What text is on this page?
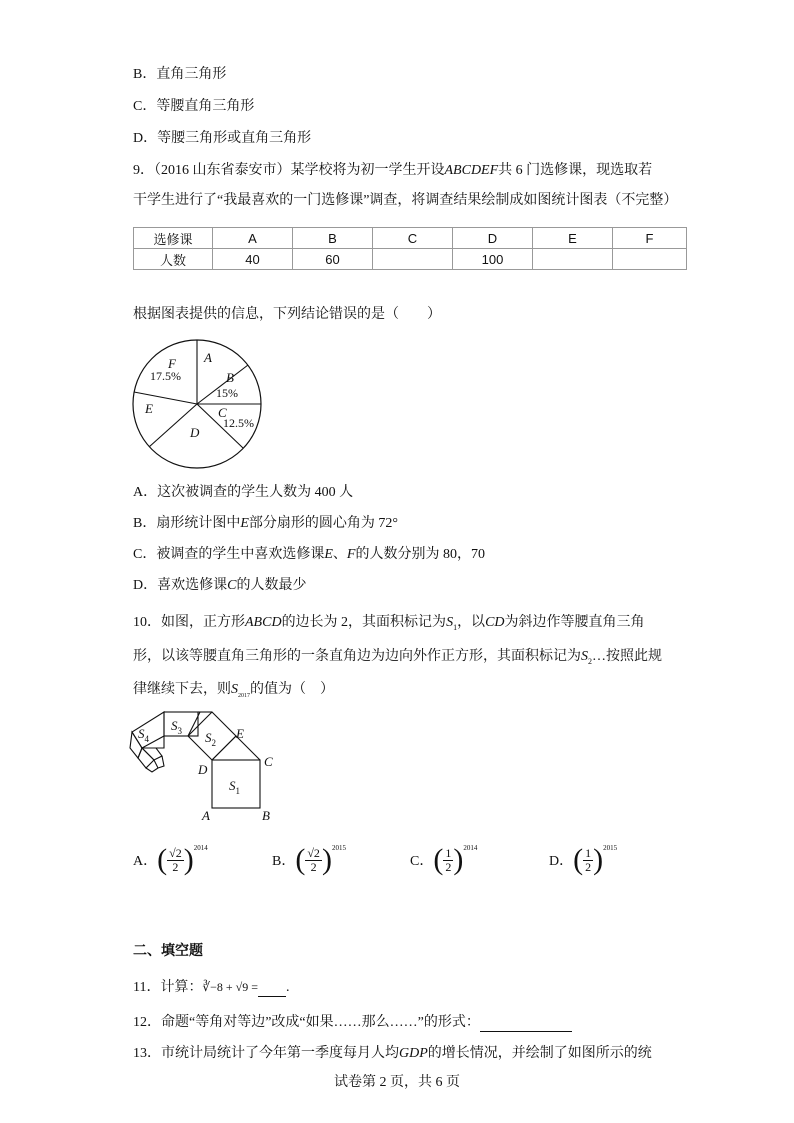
B．直角三角形
C．等腰直角三角形
D．等腰三角形或直角三角形
9．（2016 山东省泰安市）某学校将为初一学生开设ABCDEF共 6 门选修课，现选取若
干学生进行了“我最喜欢的一门选修课”调查，将调查结果绘制成如图统计图表（不完整）
选修课	A	B	C	D	E	F
人数	40	60		100		
根据图表提供的信息，下列结论错误的是（　　）
A
B
15%
C
12.5%
D
E
F
17.5%
A．这次被调查的学生人数为 400 人
B．扇形统计图中E部分扇形的圆心角为 72°
C．被调查的学生中喜欢选修课E、F的人数分别为 80，70
D．喜欢选修课C的人数最少
10．如图，正方形ABCD的边长为 2，其面积标记为$S_1$，以CD为斜边作等腰直角三角
形，以该等腰直角三角形的一条直角边为边向外作正方形，其面积标记为$S_2\dots$按照此规
律继续下去，则$S_{2017}$的值为（　）
$S_1$
$S_2$
$S_3$
$S_4$
A	B
C
D
E
A． ( $\frac{√2}{2}$ ) 2014
B． ( $\frac{√2}{2}$ ) 2015
C． ( $\frac{1}{2}$ ) 2014
D． ( $\frac{1}{2}$ ) 2015
二、填空题
11．计算：∛−8 + √9 = .
12．命题“等角对等边”改成“如果……那么……”的形式：
13．市统计局统计了今年第一季度每月人均GDP的增长情况，并绘制了如图所示的统
试卷第 2 页，共 6 页
